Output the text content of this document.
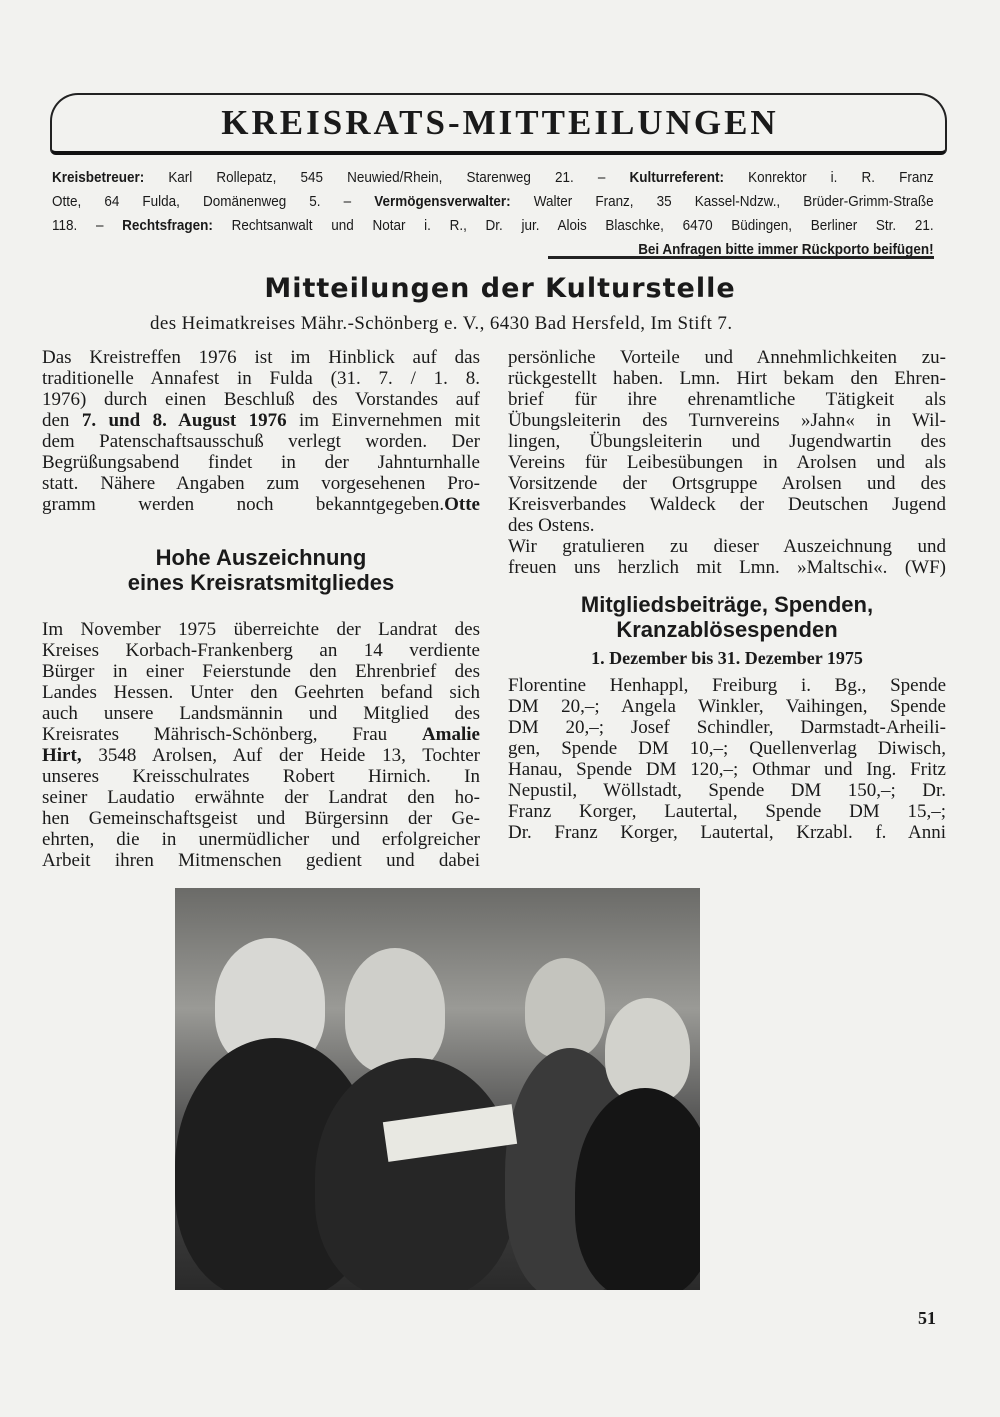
KREISRATS-MITTEILUNGEN
Kreisbetreuer: Karl Rollepatz, 545 Neuwied/Rhein, Starenweg 21. – Kulturreferent: Konrektor i. R. Franz
Otte, 64 Fulda, Domänenweg 5. – Vermögensverwalter: Walter Franz, 35 Kassel-Ndzw., Brüder-Grimm-Straße
118. – Rechtsfragen: Rechtsanwalt und Notar i. R., Dr. jur. Alois Blaschke, 6470 Büdingen, Berliner Str. 21.
Bei Anfragen bitte immer Rückporto beifügen!
Mitteilungen der Kulturstelle
des Heimatkreises Mähr.-Schönberg e. V., 6430 Bad Hersfeld, Im Stift 7.
Das Kreistreffen 1976 ist im Hinblick auf das
traditionelle Annafest in Fulda (31. 7. / 1. 8.
1976) durch einen Beschluß des Vorstandes auf
den 7. und 8. August 1976 im Einvernehmen mit
dem Patenschaftsausschuß verlegt worden. Der
Begrüßungsabend findet in der Jahnturnhalle
statt. Nähere Angaben zum vorgesehenen Pro-
gramm werden noch bekanntgegeben.Otte
Hohe Auszeichnung
eines Kreisratsmitgliedes
Im November 1975 überreichte der Landrat des
Kreises Korbach-Frankenberg an 14 verdiente
Bürger in einer Feierstunde den Ehrenbrief des
Landes Hessen. Unter den Geehrten befand sich
auch unsere Landsmännin und Mitglied des
Kreisrates Mährisch-Schönberg, Frau Amalie
Hirt, 3548 Arolsen, Auf der Heide 13, Tochter
unseres Kreisschulrates Robert Hirnich. In
seiner Laudatio erwähnte der Landrat den ho-
hen Gemeinschaftsgeist und Bürgersinn der Ge-
ehrten, die in unermüdlicher und erfolgreicher
Arbeit ihren Mitmenschen gedient und dabei
persönliche Vorteile und Annehmlichkeiten zu-
rückgestellt haben. Lmn. Hirt bekam den Ehren-
brief für ihre ehrenamtliche Tätigkeit als
Übungsleiterin des Turnvereins »Jahn« in Wil-
lingen, Übungsleiterin und Jugendwartin des
Vereins für Leibesübungen in Arolsen und als
Vorsitzende der Ortsgruppe Arolsen und des
Kreisverbandes Waldeck der Deutschen Jugend
des Ostens.
Wir gratulieren zu dieser Auszeichnung und
freuen uns herzlich mit Lmn. »Maltschi«. (WF)
Mitgliedsbeiträge, Spenden,
Kranzablösespenden
1. Dezember bis 31. Dezember 1975
Florentine Henhappl, Freiburg i. Bg., Spende
DM 20,–; Angela Winkler, Vaihingen, Spende
DM 20,–; Josef Schindler, Darmstadt-Arheili-
gen, Spende DM 10,–; Quellenverlag Diwisch,
Hanau, Spende DM 120,–; Othmar und Ing. Fritz
Nepustil, Wöllstadt, Spende DM 150,–; Dr.
Franz Korger, Lautertal, Spende DM 15,–;
Dr. Franz Korger, Lautertal, Krzabl. f. Anni
51
